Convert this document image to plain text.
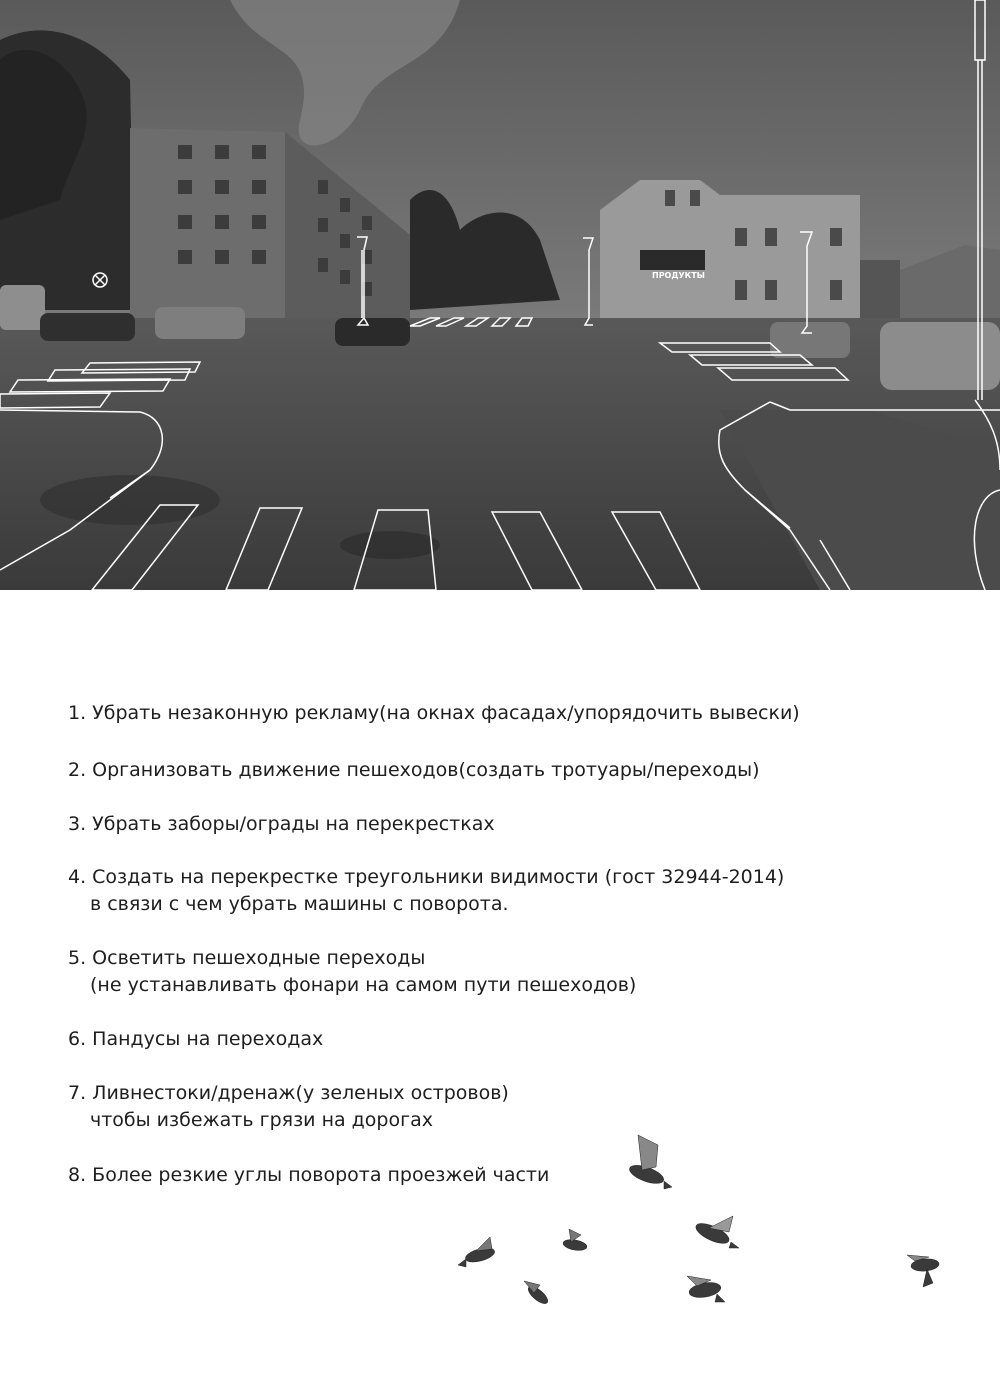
ПРОДУКТЫ
1. Убрать незаконную рекламу(на окнах фасадах/упорядочить вывески)
2. Организовать движение пешеходов(создать тротуары/переходы)
3. Убрать заборы/ограды на перекрестках
4. Создать на перекрестке треугольники видимости (гост 32944-2014)
в связи с чем убрать машины с поворота.
5. Осветить пешеходные переходы
(не устанавливать фонари на самом пути пешеходов)
6. Пандусы на переходах
7. Ливнестоки/дренаж(у зеленых островов)
чтобы избежать грязи на дорогах
8. Более резкие углы поворота проезжей части
